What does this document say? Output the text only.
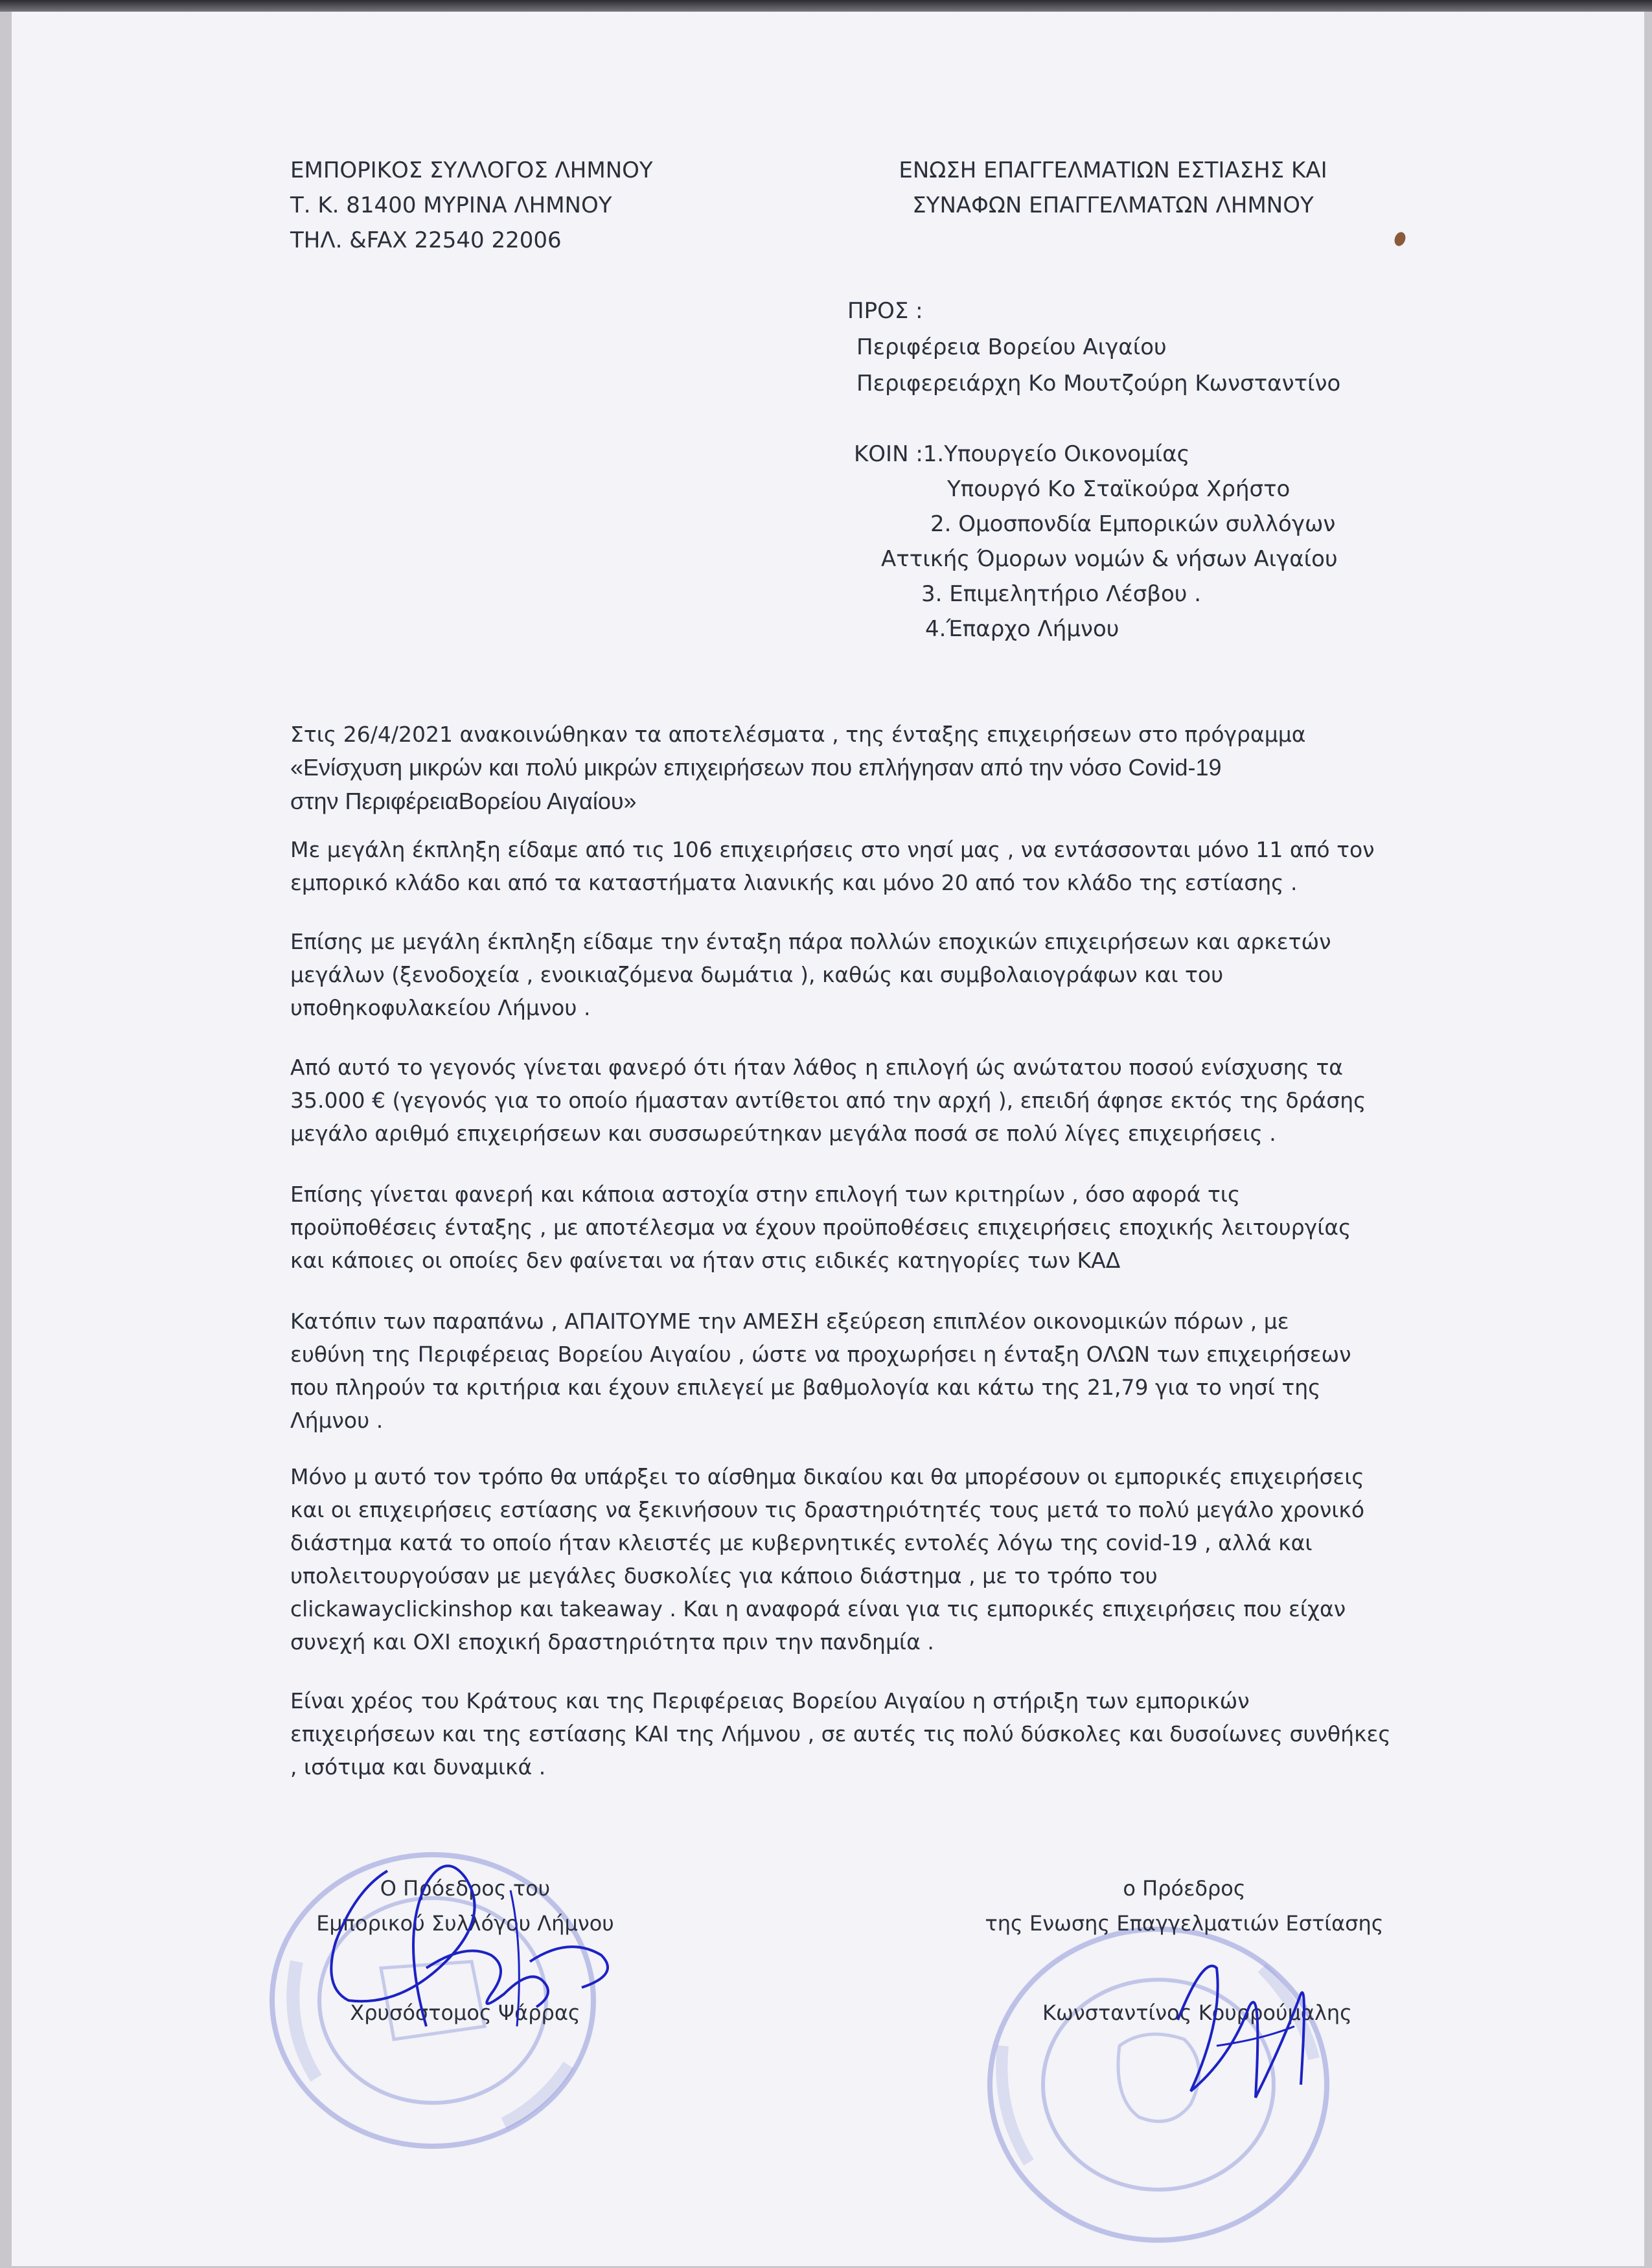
ΕΜΠΟΡΙΚΟΣ ΣΥΛΛΟΓΟΣ ΛΗΜΝΟΥ
Τ. Κ. 81400 ΜΥΡΙΝΑ ΛΗΜΝΟΥ
ΤΗΛ. &FAX 22540 22006
ΕΝΩΣΗ ΕΠΑΓΓΕΛΜΑΤΙΩΝ ΕΣΤΙΑΣΗΣ ΚΑΙ
ΣΥΝΑΦΩΝ ΕΠΑΓΓΕΛΜΑΤΩΝ ΛΗΜΝΟΥ
ΠΡΟΣ :
Περιφέρεια Βορείου Αιγαίου
Περιφερειάρχη Κο Μουτζούρη Κωνσταντίνο
ΚΟΙΝ :1.Υπουργείο Οικονομίας
Υπουργό Κο Σταϊκούρα Χρήστο
2. Ομοσπονδία Εμπορικών συλλόγων
Αττικής Όμορων νομών & νήσων Αιγαίου
3. Επιμελητήριο Λέσβου .
4.Έπαρχο Λήμνου
Στις 26/4/2021 ανακοινώθηκαν τα αποτελέσματα , της ένταξης επιχειρήσεων στο πρόγραμμα
«Ενίσχυση μικρών και πολύ μικρών επιχειρήσεων που επλήγησαν από την νόσο Covid-19
στην ΠεριφέρειαΒορείου Αιγαίου»
Με μεγάλη έκπληξη είδαμε από τις 106 επιχειρήσεις στο νησί μας , να εντάσσονται μόνο 11 από τον
εμπορικό κλάδο και από τα καταστήματα λιανικής και μόνο 20 από τον κλάδο της εστίασης .
Επίσης με μεγάλη έκπληξη είδαμε την ένταξη πάρα πολλών εποχικών επιχειρήσεων και αρκετών
μεγάλων (ξενοδοχεία , ενοικιαζόμενα δωμάτια ), καθώς και συμβολαιογράφων και του
υποθηκοφυλακείου Λήμνου .
Από αυτό το γεγονός γίνεται φανερό ότι ήταν λάθος η επιλογή ώς ανώτατου ποσού ενίσχυσης τα
35.000 € (γεγονός για το οποίο ήμασταν αντίθετοι από την αρχή ), επειδή άφησε εκτός της δράσης
μεγάλο αριθμό επιχειρήσεων και συσσωρεύτηκαν μεγάλα ποσά σε πολύ λίγες επιχειρήσεις .
Επίσης γίνεται φανερή και κάποια αστοχία στην επιλογή των κριτηρίων , όσο αφορά τις
προϋποθέσεις ένταξης , με αποτέλεσμα να έχουν προϋποθέσεις επιχειρήσεις εποχικής λειτουργίας
και κάποιες οι οποίες δεν φαίνεται να ήταν στις ειδικές κατηγορίες των ΚΑΔ
Κατόπιν των παραπάνω , ΑΠΑΙΤΟΥΜΕ την ΑΜΕΣΗ εξεύρεση επιπλέον οικονομικών πόρων , με
ευθύνη της Περιφέρειας Βορείου Αιγαίου , ώστε να προχωρήσει η ένταξη ΟΛΩΝ των επιχειρήσεων
που πληρούν τα κριτήρια και έχουν επιλεγεί με βαθμολογία και κάτω της 21,79 για το νησί της
Λήμνου .
Μόνο μ αυτό τον τρόπο θα υπάρξει το αίσθημα δικαίου και θα μπορέσουν οι εμπορικές επιχειρήσεις
και οι επιχειρήσεις εστίασης να ξεκινήσουν τις δραστηριότητές τους μετά το πολύ μεγάλο χρονικό
διάστημα κατά το οποίο ήταν κλειστές με κυβερνητικές εντολές λόγω της covid-19 , αλλά και
υπολειτουργούσαν με μεγάλες δυσκολίες για κάποιο διάστημα , με το τρόπο του
clickawayclickinshop και takeaway . Και η αναφορά είναι για τις εμπορικές επιχειρήσεις που είχαν
συνεχή και ΟΧΙ εποχική δραστηριότητα πριν την πανδημία .
Είναι χρέος του Κράτους και της Περιφέρειας Βορείου Αιγαίου η στήριξη των εμπορικών
επιχειρήσεων και της εστίασης ΚΑΙ της Λήμνου , σε αυτές τις πολύ δύσκολες και δυσοίωνες συνθήκες
, ισότιμα και δυναμικά .
Ο Πρόεδρος του
Εμπορικού Συλλόγου Λήμνου
Χρυσόστομος Ψάρρας
ο Πρόεδρος
της Ενωσης Επαγγελματιών Εστίασης
Κωνσταντίνος Κουρρούμαλης
